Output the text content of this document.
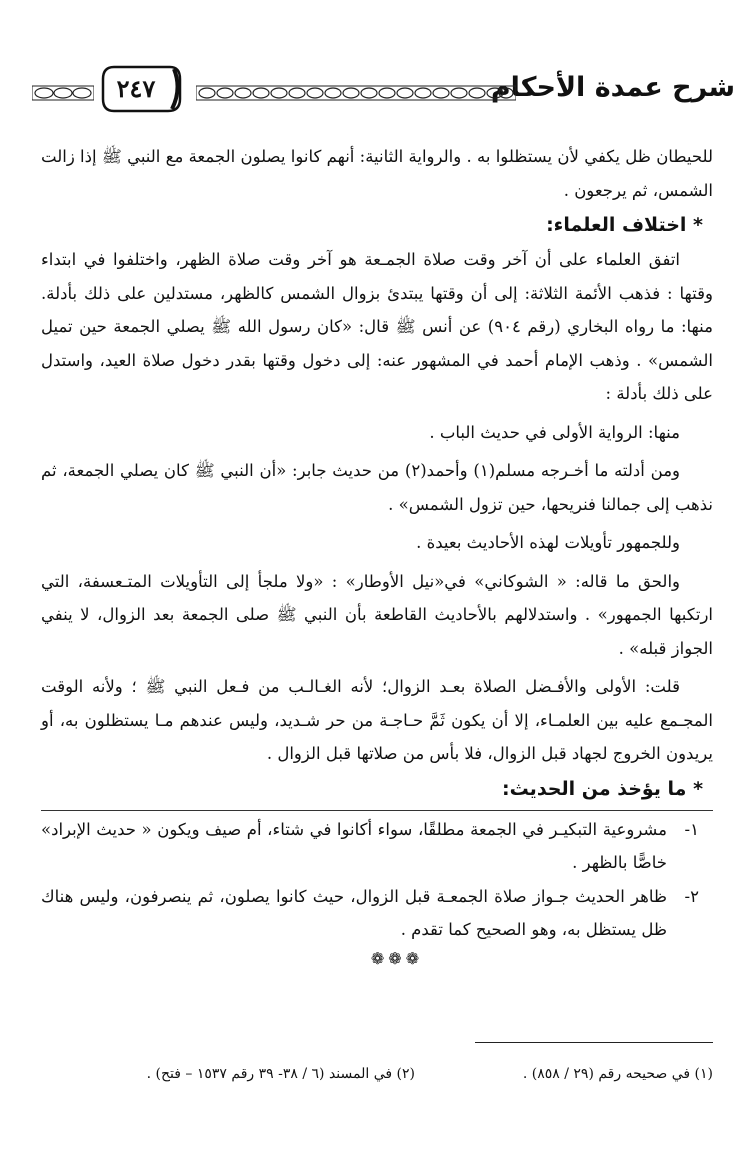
شرح عمدة الأحكام
٢٤٧

للحيطان ظل يكفي لأن يستظلوا به . والرواية الثانية: أنهم كانوا يصلون الجمعة مع النبي ﷺ إذا زالت الشمس، ثم يرجعون .

* اختلاف العلماء:

اتفق العلماء على أن آخر وقت صلاة الجمـعة هو آخر وقت صلاة الظهر، واختلفوا في ابتداء وقتها : فذهب الأئمة الثلاثة: إلى أن وقتها يبتدئ بزوال الشمس كالظهر، مستدلين على ذلك بأدلة. منها: ما رواه البخاري (رقم ٩٠٤) عن أنس ﷺ قال: «كان رسول الله ﷺ يصلي الجمعة حين تميل الشمس» . وذهب الإمام أحمد في المشهور عنه: إلى دخول وقتها بقدر دخول صلاة العيد، واستدل على ذلك بأدلة :

منها: الرواية الأولى في حديث الباب .

ومن أدلته ما أخـرجه مسلم(١) وأحمد(٢) من حديث جابر: «أن النبي ﷺ كان يصلي الجمعة، ثم نذهب إلى جمالنا فنريحها، حين تزول الشمس» .

وللجمهور تأويلات لهذه الأحاديث بعيدة .

والحق ما قاله: « الشوكاني» في«نيل الأوطار» : «ولا ملجأ إلى التأويلات المتـعسفة، التي ارتكبها الجمهور» . واستدلالهم بالأحاديث القاطعة بأن النبي ﷺ صلى الجمعة بعد الزوال، لا ينفي الجواز قبله» .

قلت: الأولى والأفـضل الصلاة بعـد الزوال؛ لأنه الغـالـب من فـعل النبي ﷺ ؛ ولأنه الوقت المجـمع عليه بين العلمـاء، إلا أن يكون ثَمَّ حـاجـة من حر شـديد، وليس عندهم مـا يستظلون به، أو يريدون الخروج لجهاد قبل الزوال، فلا بأس من صلاتها قبل الزوال .

* ما يؤخذ من الحديث:
١-
مشروعية التبكيـر في الجمعة مطلقًا، سواء أكانوا في شتاء، أم صيف ويكون « حديث الإبراد» خاصًّا بالظهر .
٢-
ظاهر الحديث جـواز صلاة الجمعـة قبل الزوال، حيث كانوا يصلون، ثم ينصرفون، وليس هناك ظل يستظل به، وهو الصحيح كما تقدم .
❁❁❁
(١) في صحيحه رقم (٢٩ / ٨٥٨) .
(٢) في المسند (٦ / ٣٨- ٣٩ رقم ١٥٣٧ – فتح) .
